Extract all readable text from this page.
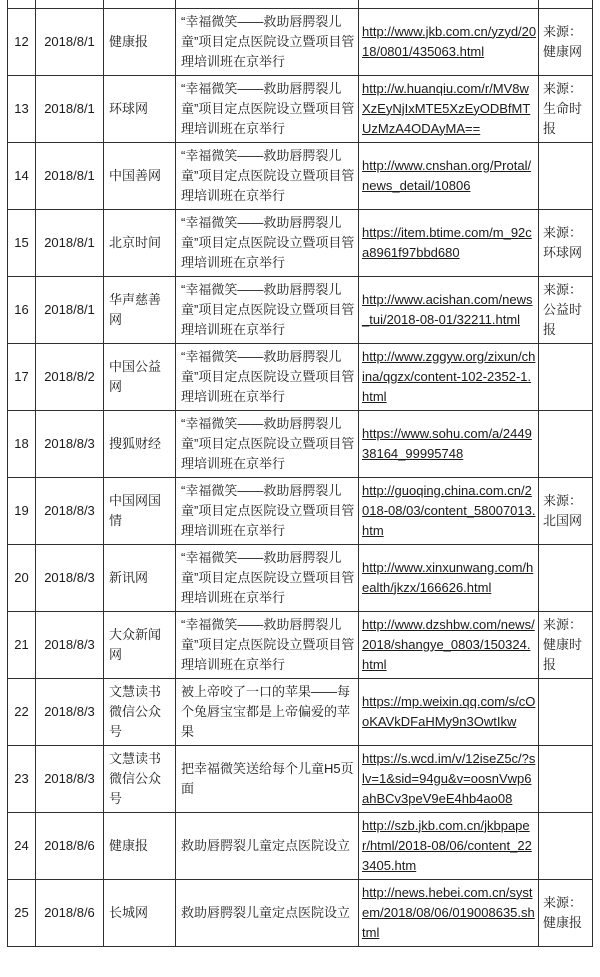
12	2018/8/1	健康报	“幸福微笑——救助唇腭裂儿童”项目定点医院设立暨项目管理培训班在京举行	http://www.jkb.com.cn/yzyd/2018/0801/435063.html	来源：健康网
13	2018/8/1	环球网	“幸福微笑——救助唇腭裂儿童”项目定点医院设立暨项目管理培训班在京举行	http://w.huanqiu.com/r/MV8wXzEyNjIxMTE5XzEyODBfMTUzMzA4ODAyMA==	来源：生命时报
14	2018/8/1	中国善网	“幸福微笑——救助唇腭裂儿童”项目定点医院设立暨项目管理培训班在京举行	http://www.cnshan.org/Protal/news_detail/10806	
15	2018/8/1	北京时间	“幸福微笑——救助唇腭裂儿童”项目定点医院设立暨项目管理培训班在京举行	https://item.btime.com/m_92ca8961f97bbd680	来源：环球网
16	2018/8/1	华声慈善网	“幸福微笑——救助唇腭裂儿童”项目定点医院设立暨项目管理培训班在京举行	http://www.acishan.com/news_tui/2018-08-01/32211.html	来源：公益时报
17	2018/8/2	中国公益网	“幸福微笑——救助唇腭裂儿童”项目定点医院设立暨项目管理培训班在京举行	http://www.zggyw.org/zixun/china/qgzx/content-102-2352-1.html	
18	2018/8/3	搜狐财经	“幸福微笑——救助唇腭裂儿童”项目定点医院设立暨项目管理培训班在京举行	https://www.sohu.com/a/244938164_99995748	
19	2018/8/3	中国网国情	“幸福微笑——救助唇腭裂儿童”项目定点医院设立暨项目管理培训班在京举行	http://guoqing.china.com.cn/2018-08/03/content_58007013.htm	来源：北国网
20	2018/8/3	新讯网	“幸福微笑——救助唇腭裂儿童”项目定点医院设立暨项目管理培训班在京举行	http://www.xinxunwang.com/health/jkzx/166626.html	
21	2018/8/3	大众新闻网	“幸福微笑——救助唇腭裂儿童”项目定点医院设立暨项目管理培训班在京举行	http://www.dzshbw.com/news/2018/shangye_0803/150324.html	来源：健康时报
22	2018/8/3	文慧读书微信公众号	被上帝咬了一口的苹果——每个兔唇宝宝都是上帝偏爱的苹果	https://mp.weixin.qq.com/s/cOoKAVkDFaHMy9n3OwtIkw	
23	2018/8/3	文慧读书微信公众号	把幸福微笑送给每个儿童H5页面	https://s.wcd.im/v/12iseZ5c/?slv=1&sid=94gu&v=oosnVwp6ahBCv3peV9eE4hb4ao08	
24	2018/8/6	健康报	救助唇腭裂儿童定点医院设立	http://szb.jkb.com.cn/jkbpaper/html/2018-08/06/content_223405.htm	
25	2018/8/6	长城网	救助唇腭裂儿童定点医院设立	http://news.hebei.com.cn/system/2018/08/06/019008635.shtml	来源：健康报
